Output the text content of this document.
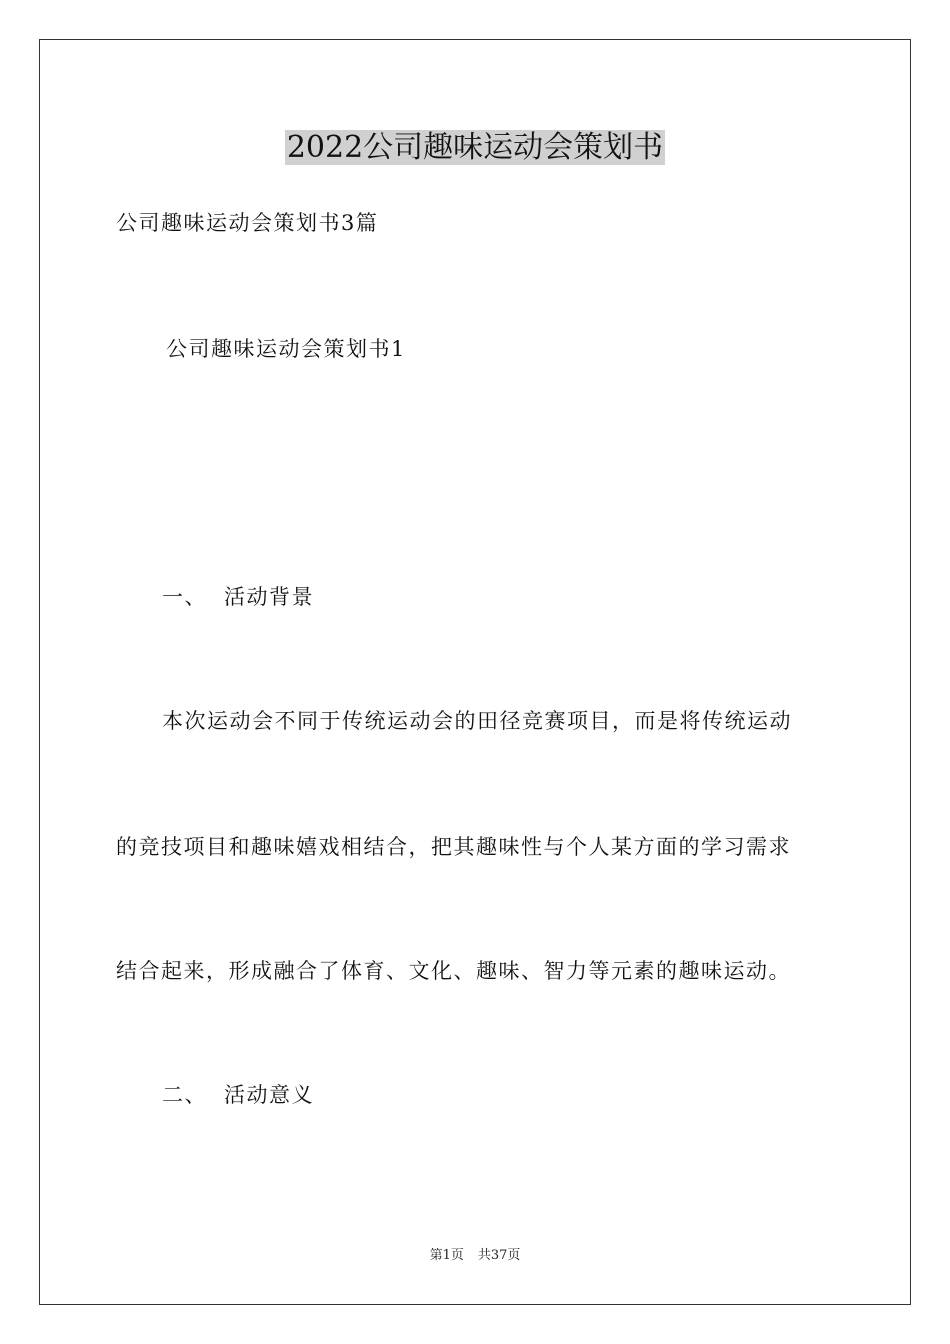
2022公司趣味运动会策划书
公司趣味运动会策划书3篇
公司趣味运动会策划书1
一、 活动背景
本次运动会不同于传统运动会的田径竞赛项目，而是将传统运动
的竞技项目和趣味嬉戏相结合，把其趣味性与个人某方面的学习需求
结合起来，形成融合了体育、文化、趣味、智力等元素的趣味运动。
二、 活动意义
第1页 共37页
